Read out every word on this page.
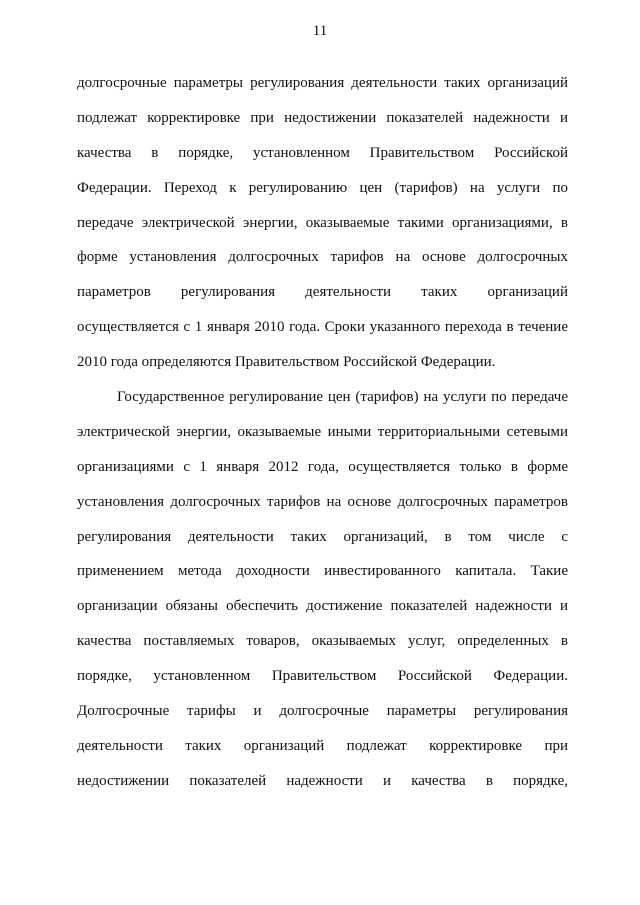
11
долгосрочные параметры регулирования деятельности таких организаций
подлежат корректировке при недостижении показателей надежности и
качества в порядке, установленном Правительством Российской
Федерации. Переход к регулированию цен (тарифов) на услуги по
передаче электрической энергии, оказываемые такими организациями, в
форме установления долгосрочных тарифов на основе долгосрочных
параметров регулирования деятельности таких организаций
осуществляется с 1 января 2010 года. Сроки указанного перехода в течение
2010 года определяются Правительством Российской Федерации.
Государственное регулирование цен (тарифов) на услуги по передаче
электрической энергии, оказываемые иными территориальными сетевыми
организациями с 1 января 2012 года, осуществляется только в форме
установления долгосрочных тарифов на основе долгосрочных параметров
регулирования деятельности таких организаций, в том числе с
применением метода доходности инвестированного капитала. Такие
организации обязаны обеспечить достижение показателей надежности и
качества поставляемых товаров, оказываемых услуг, определенных в
порядке, установленном Правительством Российской Федерации.
Долгосрочные тарифы и долгосрочные параметры регулирования
деятельности таких организаций подлежат корректировке при
недостижении показателей надежности и качества в порядке,
